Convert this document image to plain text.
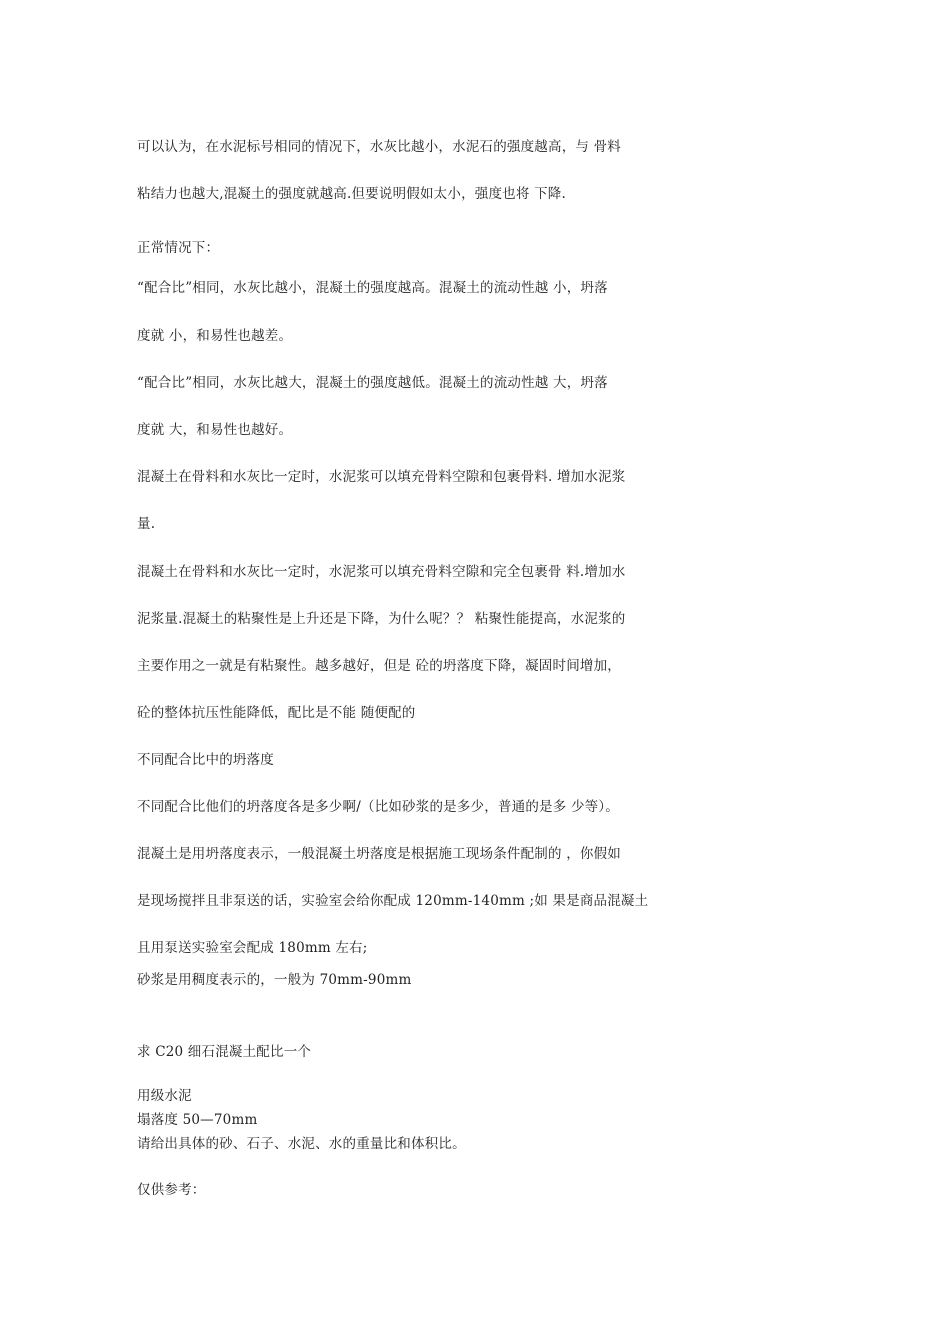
可以认为，在水泥标号相同的情况下，水灰比越小，水泥石的强度越高，与 骨料
粘结力也越大,混凝土的强度就越高.但要说明假如太小，强度也将 下降.
正常情况下：
“配合比”相同，水灰比越小，混凝土的强度越高。混凝土的流动性越 小，坍落
度就 小，和易性也越差。
“配合比”相同，水灰比越大，混凝土的强度越低。混凝土的流动性越 大，坍落
度就 大，和易性也越好。
混凝土在骨料和水灰比一定时，水泥浆可以填充骨料空隙和包裹骨料. 增加水泥浆
量.
混凝土在骨料和水灰比一定时，水泥浆可以填充骨料空隙和完全包裹骨 料.增加水
泥浆量.混凝土的粘聚性是上升还是下降，为什么呢？？ 粘聚性能提高，水泥浆的
主要作用之一就是有粘聚性。越多越好，但是 砼的坍落度下降，凝固时间增加，
砼的整体抗压性能降低，配比是不能 随便配的
不同配合比中的坍落度
不同配合比他们的坍落度各是多少啊/（比如砂浆的是多少，普通的是多 少等）。
混凝土是用坍落度表示，一般混凝土坍落度是根据施工现场条件配制的 ，你假如
是现场搅拌且非泵送的话，实验室会给你配成 120mm-140mm ;如 果是商品混凝土
且用泵送实验室会配成 180mm 左右;
砂浆是用稠度表示的，一般为 70mm-90mm
求 C20 细石混凝土配比一个
用级水泥
塌落度 50—70mm
请给出具体的砂、石子、水泥、水的重量比和体积比。
仅供参考：
